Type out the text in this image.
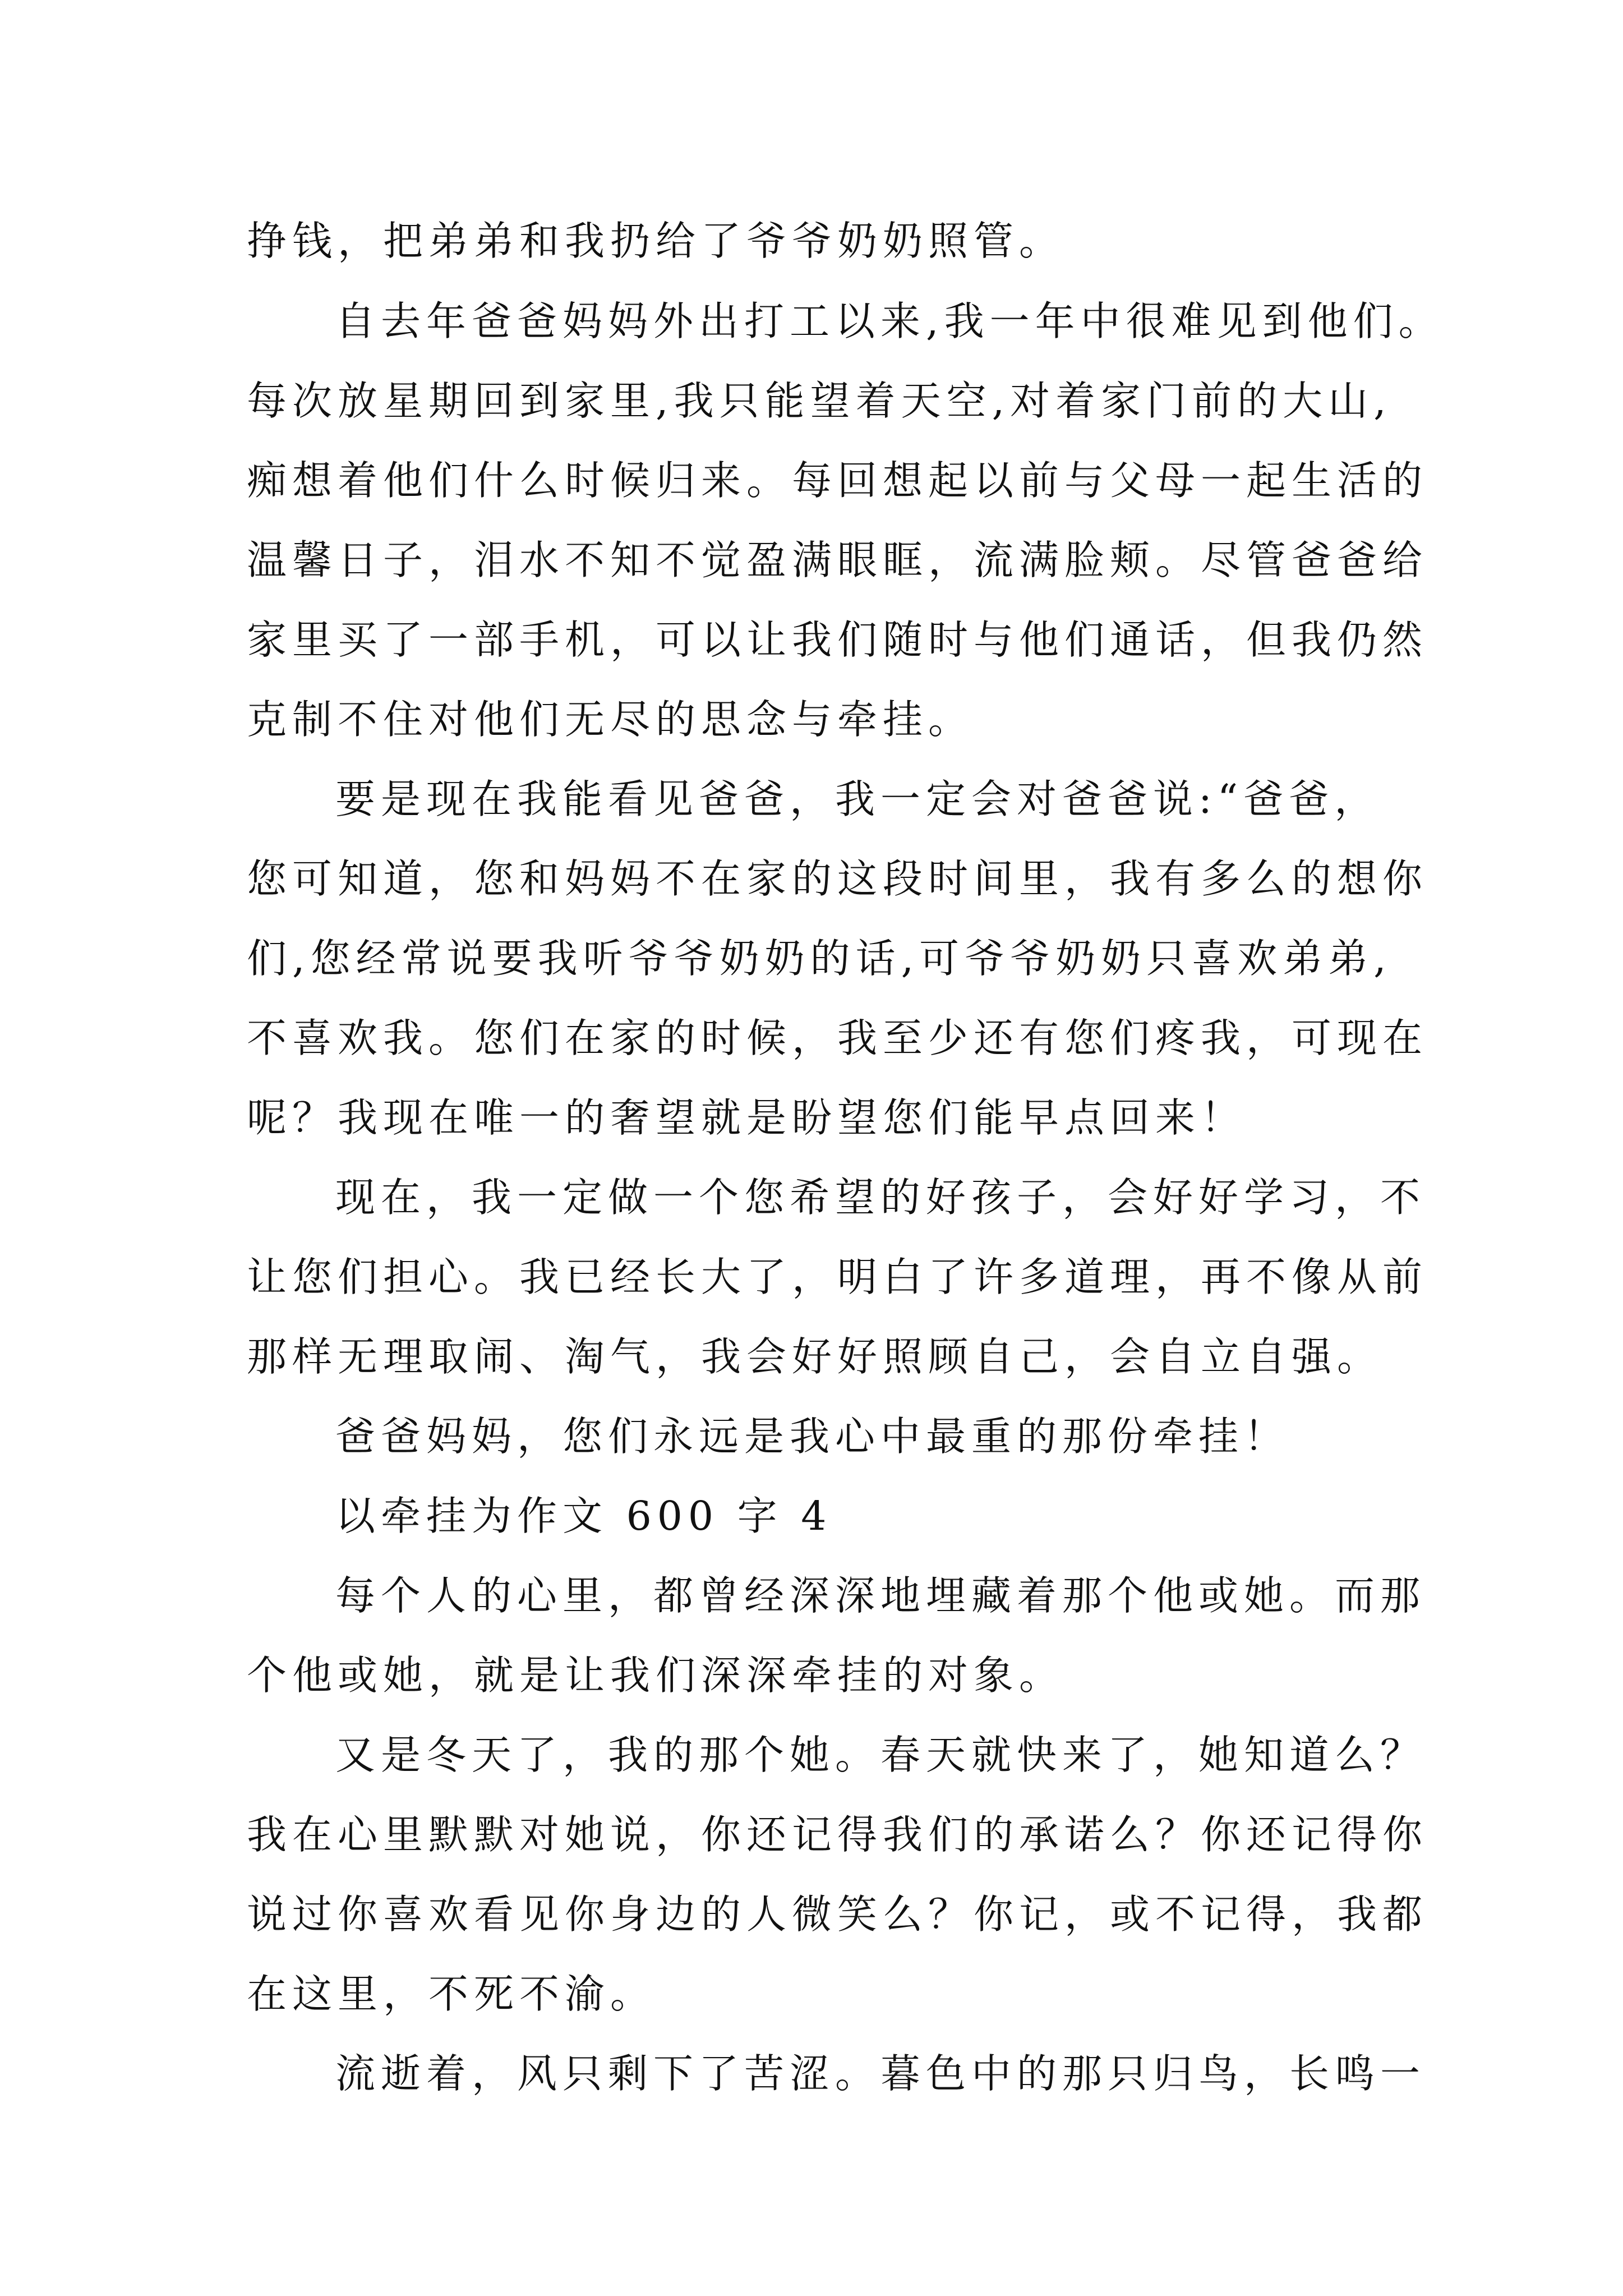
挣钱，把弟弟和我扔给了爷爷奶奶照管。
自去年爸爸妈妈外出打工以来,我一年中很难见到他们。
每次放星期回到家里,我只能望着天空,对着家门前的大山,
痴想着他们什么时候归来。每回想起以前与父母一起生活的
温馨日子，泪水不知不觉盈满眼眶，流满脸颊。尽管爸爸给
家里买了一部手机，可以让我们随时与他们通话，但我仍然
克制不住对他们无尽的思念与牵挂。
要是现在我能看见爸爸，我一定会对爸爸说:“爸爸，
您可知道，您和妈妈不在家的这段时间里，我有多么的想你
们,您经常说要我听爷爷奶奶的话,可爷爷奶奶只喜欢弟弟,
不喜欢我。您们在家的时候，我至少还有您们疼我，可现在
呢？我现在唯一的奢望就是盼望您们能早点回来！
现在，我一定做一个您希望的好孩子，会好好学习，不
让您们担心。我已经长大了，明白了许多道理，再不像从前
那样无理取闹、淘气，我会好好照顾自己，会自立自强。
爸爸妈妈，您们永远是我心中最重的那份牵挂！
以牵挂为作文 600 字 4
每个人的心里，都曾经深深地埋藏着那个他或她。而那
个他或她，就是让我们深深牵挂的对象。
又是冬天了，我的那个她。春天就快来了，她知道么？
我在心里默默对她说，你还记得我们的承诺么？你还记得你
说过你喜欢看见你身边的人微笑么？你记，或不记得，我都
在这里，不死不渝。
流逝着，风只剩下了苦涩。暮色中的那只归鸟，长鸣一
